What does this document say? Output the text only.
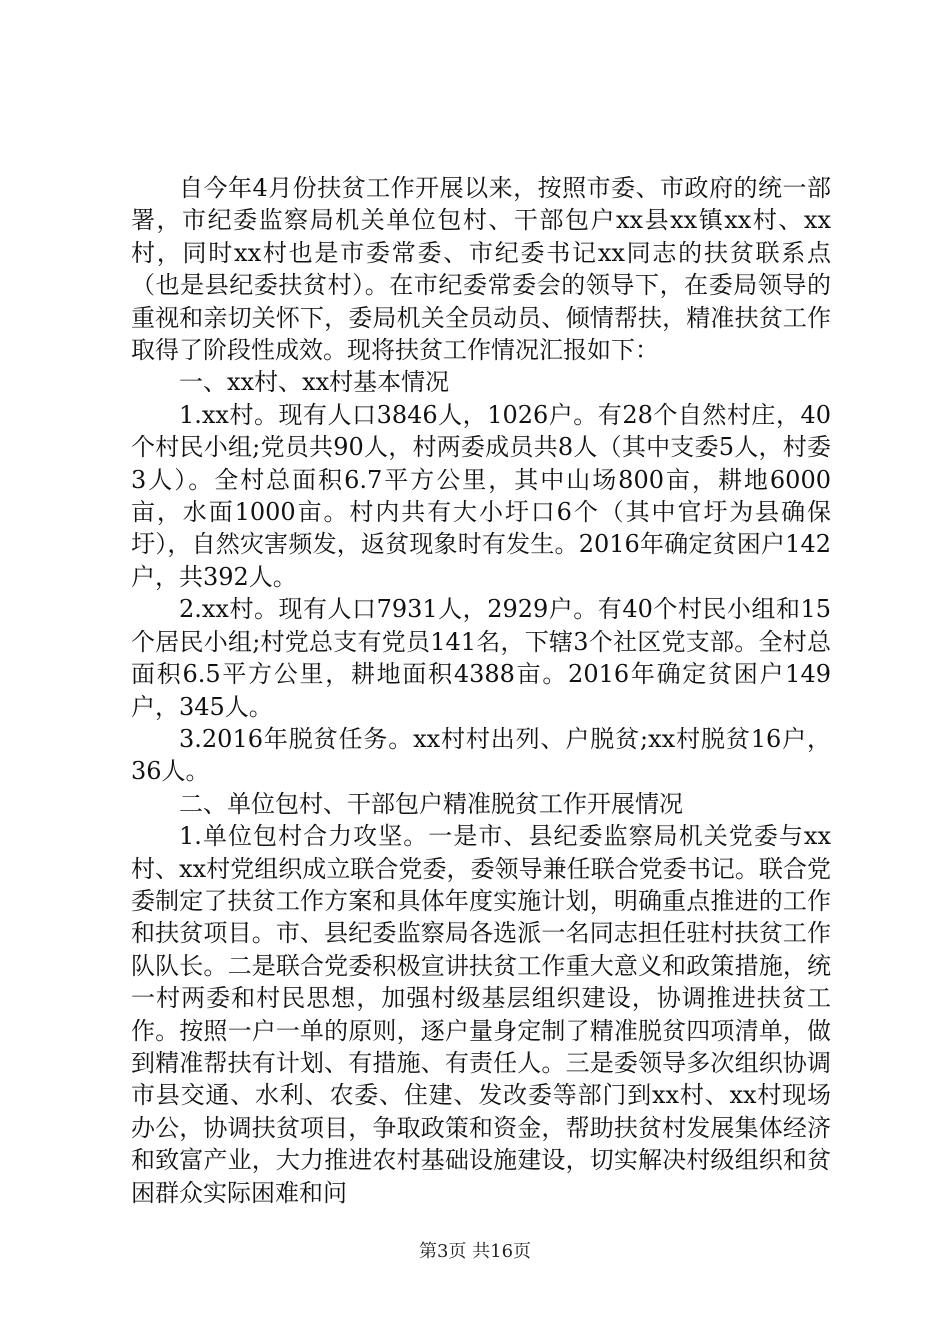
自今年4月份扶贫工作开展以来，按照市委、市政府的统一部署，市纪委监察局机关单位包村、干部包户xx县xx镇xx村、xx村，同时xx村也是市委常委、市纪委书记xx同志的扶贫联系点（也是县纪委扶贫村）。在市纪委常委会的领导下，在委局领导的重视和亲切关怀下，委局机关全员动员、倾情帮扶，精准扶贫工作取得了阶段性成效。现将扶贫工作情况汇报如下：

一、xx村、xx村基本情况

1.xx村。现有人口3846人，1026户。有28个自然村庄，40个村民小组;党员共90人，村两委成员共8人（其中支委5人，村委3人）。全村总面积6.7平方公里，其中山场800亩，耕地6000亩，水面1000亩。村内共有大小圩口6个（其中官圩为县确保圩），自然灾害频发，返贫现象时有发生。2016年确定贫困户142户，共392人。

2.xx村。现有人口7931人，2929户。有40个村民小组和15个居民小组;村党总支有党员141名，下辖3个社区党支部。全村总面积6.5平方公里，耕地面积4388亩。2016年确定贫困户149户，345人。

3.2016年脱贫任务。xx村村出列、户脱贫;xx村脱贫16户，36人。

二、单位包村、干部包户精准脱贫工作开展情况

1.单位包村合力攻坚。一是市、县纪委监察局机关党委与xx村、xx村党组织成立联合党委，委领导兼任联合党委书记。联合党委制定了扶贫工作方案和具体年度实施计划，明确重点推进的工作和扶贫项目。市、县纪委监察局各选派一名同志担任驻村扶贫工作队队长。二是联合党委积极宣讲扶贫工作重大意义和政策措施，统一村两委和村民思想，加强村级基层组织建设，协调推进扶贫工作。按照一户一单的原则，逐户量身定制了精准脱贫四项清单，做到精准帮扶有计划、有措施、有责任人。三是委领导多次组织协调市县交通、水利、农委、住建、发改委等部门到xx村、xx村现场办公，协调扶贫项目，争取政策和资金，帮助扶贫村发展集体经济和致富产业，大力推进农村基础设施建设，切实解决村级组织和贫困群众实际困难和问

第3页 共16页
